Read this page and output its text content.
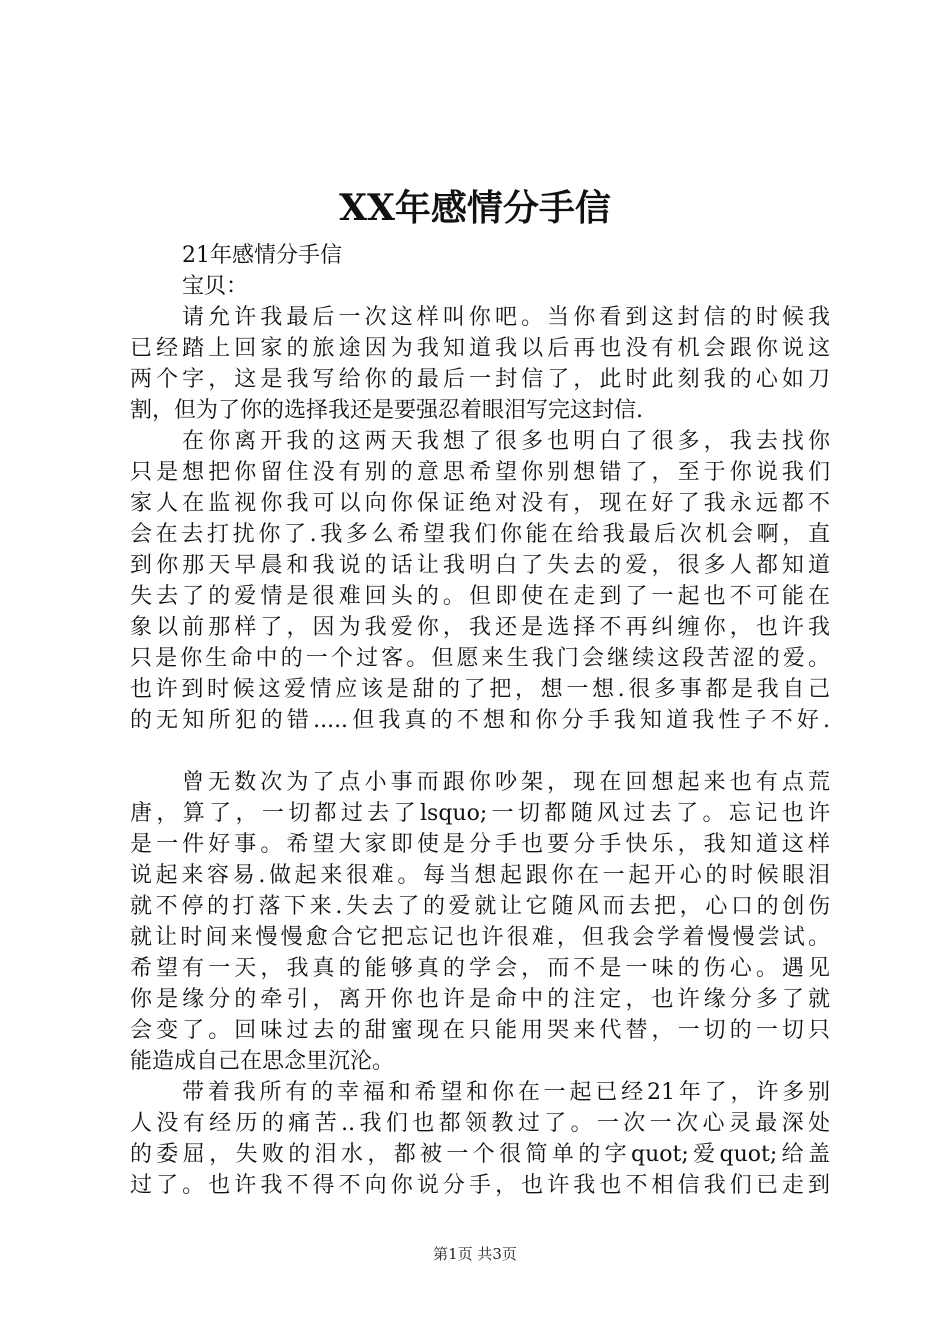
XX年感情分手信
21年感情分手信
宝贝：
请允许我最后一次这样叫你吧。当你看到这封信的时候我
已经踏上回家的旅途因为我知道我以后再也没有机会跟你说这
两个字，这是我写给你的最后一封信了，此时此刻我的心如刀
割，但为了你的选择我还是要强忍着眼泪写完这封信.
在你离开我的这两天我想了很多也明白了很多，我去找你
只是想把你留住没有别的意思希望你别想错了，至于你说我们
家人在监视你我可以向你保证绝对没有，现在好了我永远都不
会在去打扰你了.我多么希望我们你能在给我最后次机会啊，直
到你那天早晨和我说的话让我明白了失去的爱，很多人都知道
失去了的爱情是很难回头的。但即使在走到了一起也不可能在
象以前那样了，因为我爱你，我还是选择不再纠缠你，也许我
只是你生命中的一个过客。但愿来生我门会继续这段苦涩的爱。
也许到时候这爱情应该是甜的了把，想一想.很多事都是我自己
的无知所犯的错.....但我真的不想和你分手我知道我性子不好.
曾无数次为了点小事而跟你吵架，现在回想起来也有点荒
唐，算了，一切都过去了lsquo;一切都随风过去了。忘记也许
是一件好事。希望大家即使是分手也要分手快乐，我知道这样
说起来容易.做起来很难。每当想起跟你在一起开心的时候眼泪
就不停的打落下来.失去了的爱就让它随风而去把，心口的创伤
就让时间来慢慢愈合它把忘记也许很难，但我会学着慢慢尝试。
希望有一天，我真的能够真的学会，而不是一味的伤心。遇见
你是缘分的牵引，离开你也许是命中的注定，也许缘分多了就
会变了。回味过去的甜蜜现在只能用哭来代替，一切的一切只
能造成自己在思念里沉沦。
带着我所有的幸福和希望和你在一起已经21年了，许多别
人没有经历的痛苦..我们也都领教过了。一次一次心灵最深处
的委屈，失败的泪水，都被一个很简单的字quot;爱quot;给盖
过了。也许我不得不向你说分手，也许我也不相信我们已走到
第1页 共3页
